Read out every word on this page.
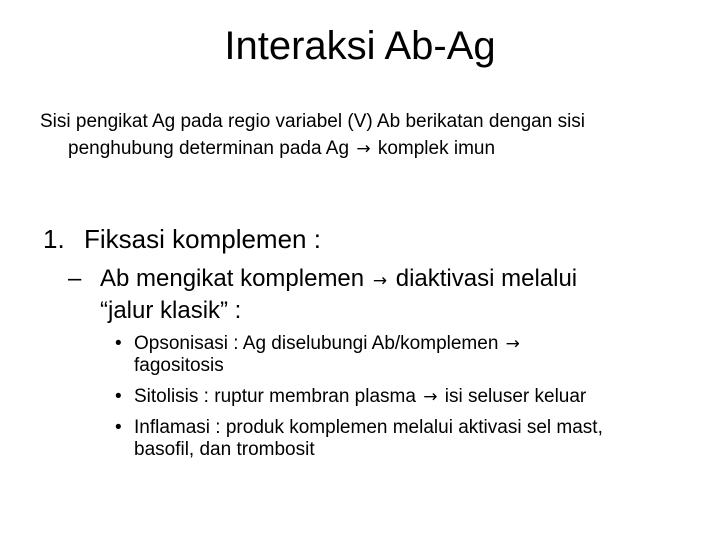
Interaksi Ab-Ag
Sisi pengikat Ag pada regio variabel (V) Ab berikatan dengan sisi
penghubung determinan pada Ag → komplek imun
1. Fiksasi komplemen :
– Ab mengikat komplemen → diaktivasi melalui
“jalur klasik” :
• Opsonisasi : Ag diselubungi Ab/komplemen →
fagositosis
• Sitolisis : ruptur membran plasma → isi seluser keluar
• Inflamasi : produk komplemen melalui aktivasi sel mast,
basofil, dan trombosit
